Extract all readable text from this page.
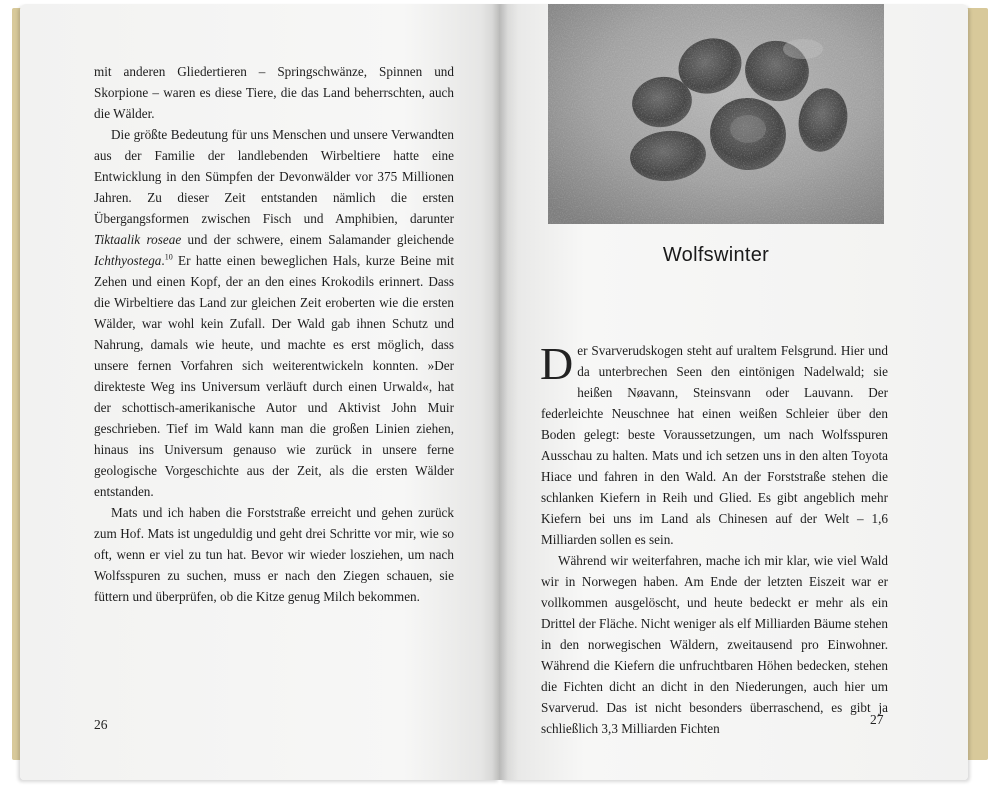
mit anderen Gliedertieren – Springschwänze, Spinnen und Skorpione – waren es diese Tiere, die das Land beherrschten, auch die Wälder.

Die größte Bedeutung für uns Menschen und unsere Verwandten aus der Familie der landlebenden Wirbeltiere hatte eine Entwicklung in den Sümpfen der Devonwälder vor 375 Millionen Jahren. Zu dieser Zeit entstanden nämlich die ersten Übergangsformen zwischen Fisch und Amphibien, darunter Tiktaalik roseae und der schwere, einem Salamander gleichende Ichthyostega.$^{10}$ Er hatte einen beweglichen Hals, kurze Beine mit Zehen und einen Kopf, der an den eines Krokodils erinnert. Dass die Wirbeltiere das Land zur gleichen Zeit eroberten wie die ersten Wälder, war wohl kein Zufall. Der Wald gab ihnen Schutz und Nahrung, damals wie heute, und machte es erst möglich, dass unsere fernen Vorfahren sich weiterentwickeln konnten. »Der direkteste Weg ins Universum verläuft durch einen Urwald«, hat der schottisch-amerikanische Autor und Aktivist John Muir geschrieben. Tief im Wald kann man die großen Linien ziehen, hinaus ins Universum genauso wie zurück in unsere ferne geologische Vorgeschichte aus der Zeit, als die ersten Wälder entstanden.

Mats und ich haben die Forststraße erreicht und gehen zurück zum Hof. Mats ist ungeduldig und geht drei Schritte vor mir, wie so oft, wenn er viel zu tun hat. Bevor wir wieder losziehen, um nach Wolfsspuren zu suchen, muss er nach den Ziegen schauen, sie füttern und überprüfen, ob die Kitze genug Milch bekommen.

26
Wolfswinter

Der Svarverudskogen steht auf uraltem Felsgrund. Hier und da unterbrechen Seen den eintönigen Nadelwald; sie heißen Nøavann, Steinsvann oder Lauvann. Der federleichte Neuschnee hat einen weißen Schleier über den Boden gelegt: beste Voraussetzungen, um nach Wolfsspuren Ausschau zu halten. Mats und ich setzen uns in den alten Toyota Hiace und fahren in den Wald. An der Forststraße stehen die schlanken Kiefern in Reih und Glied. Es gibt angeblich mehr Kiefern bei uns im Land als Chinesen auf der Welt – 1,6 Milliarden sollen es sein.

Während wir weiterfahren, mache ich mir klar, wie viel Wald wir in Norwegen haben. Am Ende der letzten Eiszeit war er vollkommen ausgelöscht, und heute bedeckt er mehr als ein Drittel der Fläche. Nicht weniger als elf Milliarden Bäume stehen in den norwegischen Wäldern, zweitausend pro Einwohner. Während die Kiefern die unfruchtbaren Höhen bedecken, stehen die Fichten dicht an dicht in den Niederungen, auch hier um Svarverud. Das ist nicht besonders überraschend, es gibt ja schließlich 3,3 Milliarden Fichten

27
